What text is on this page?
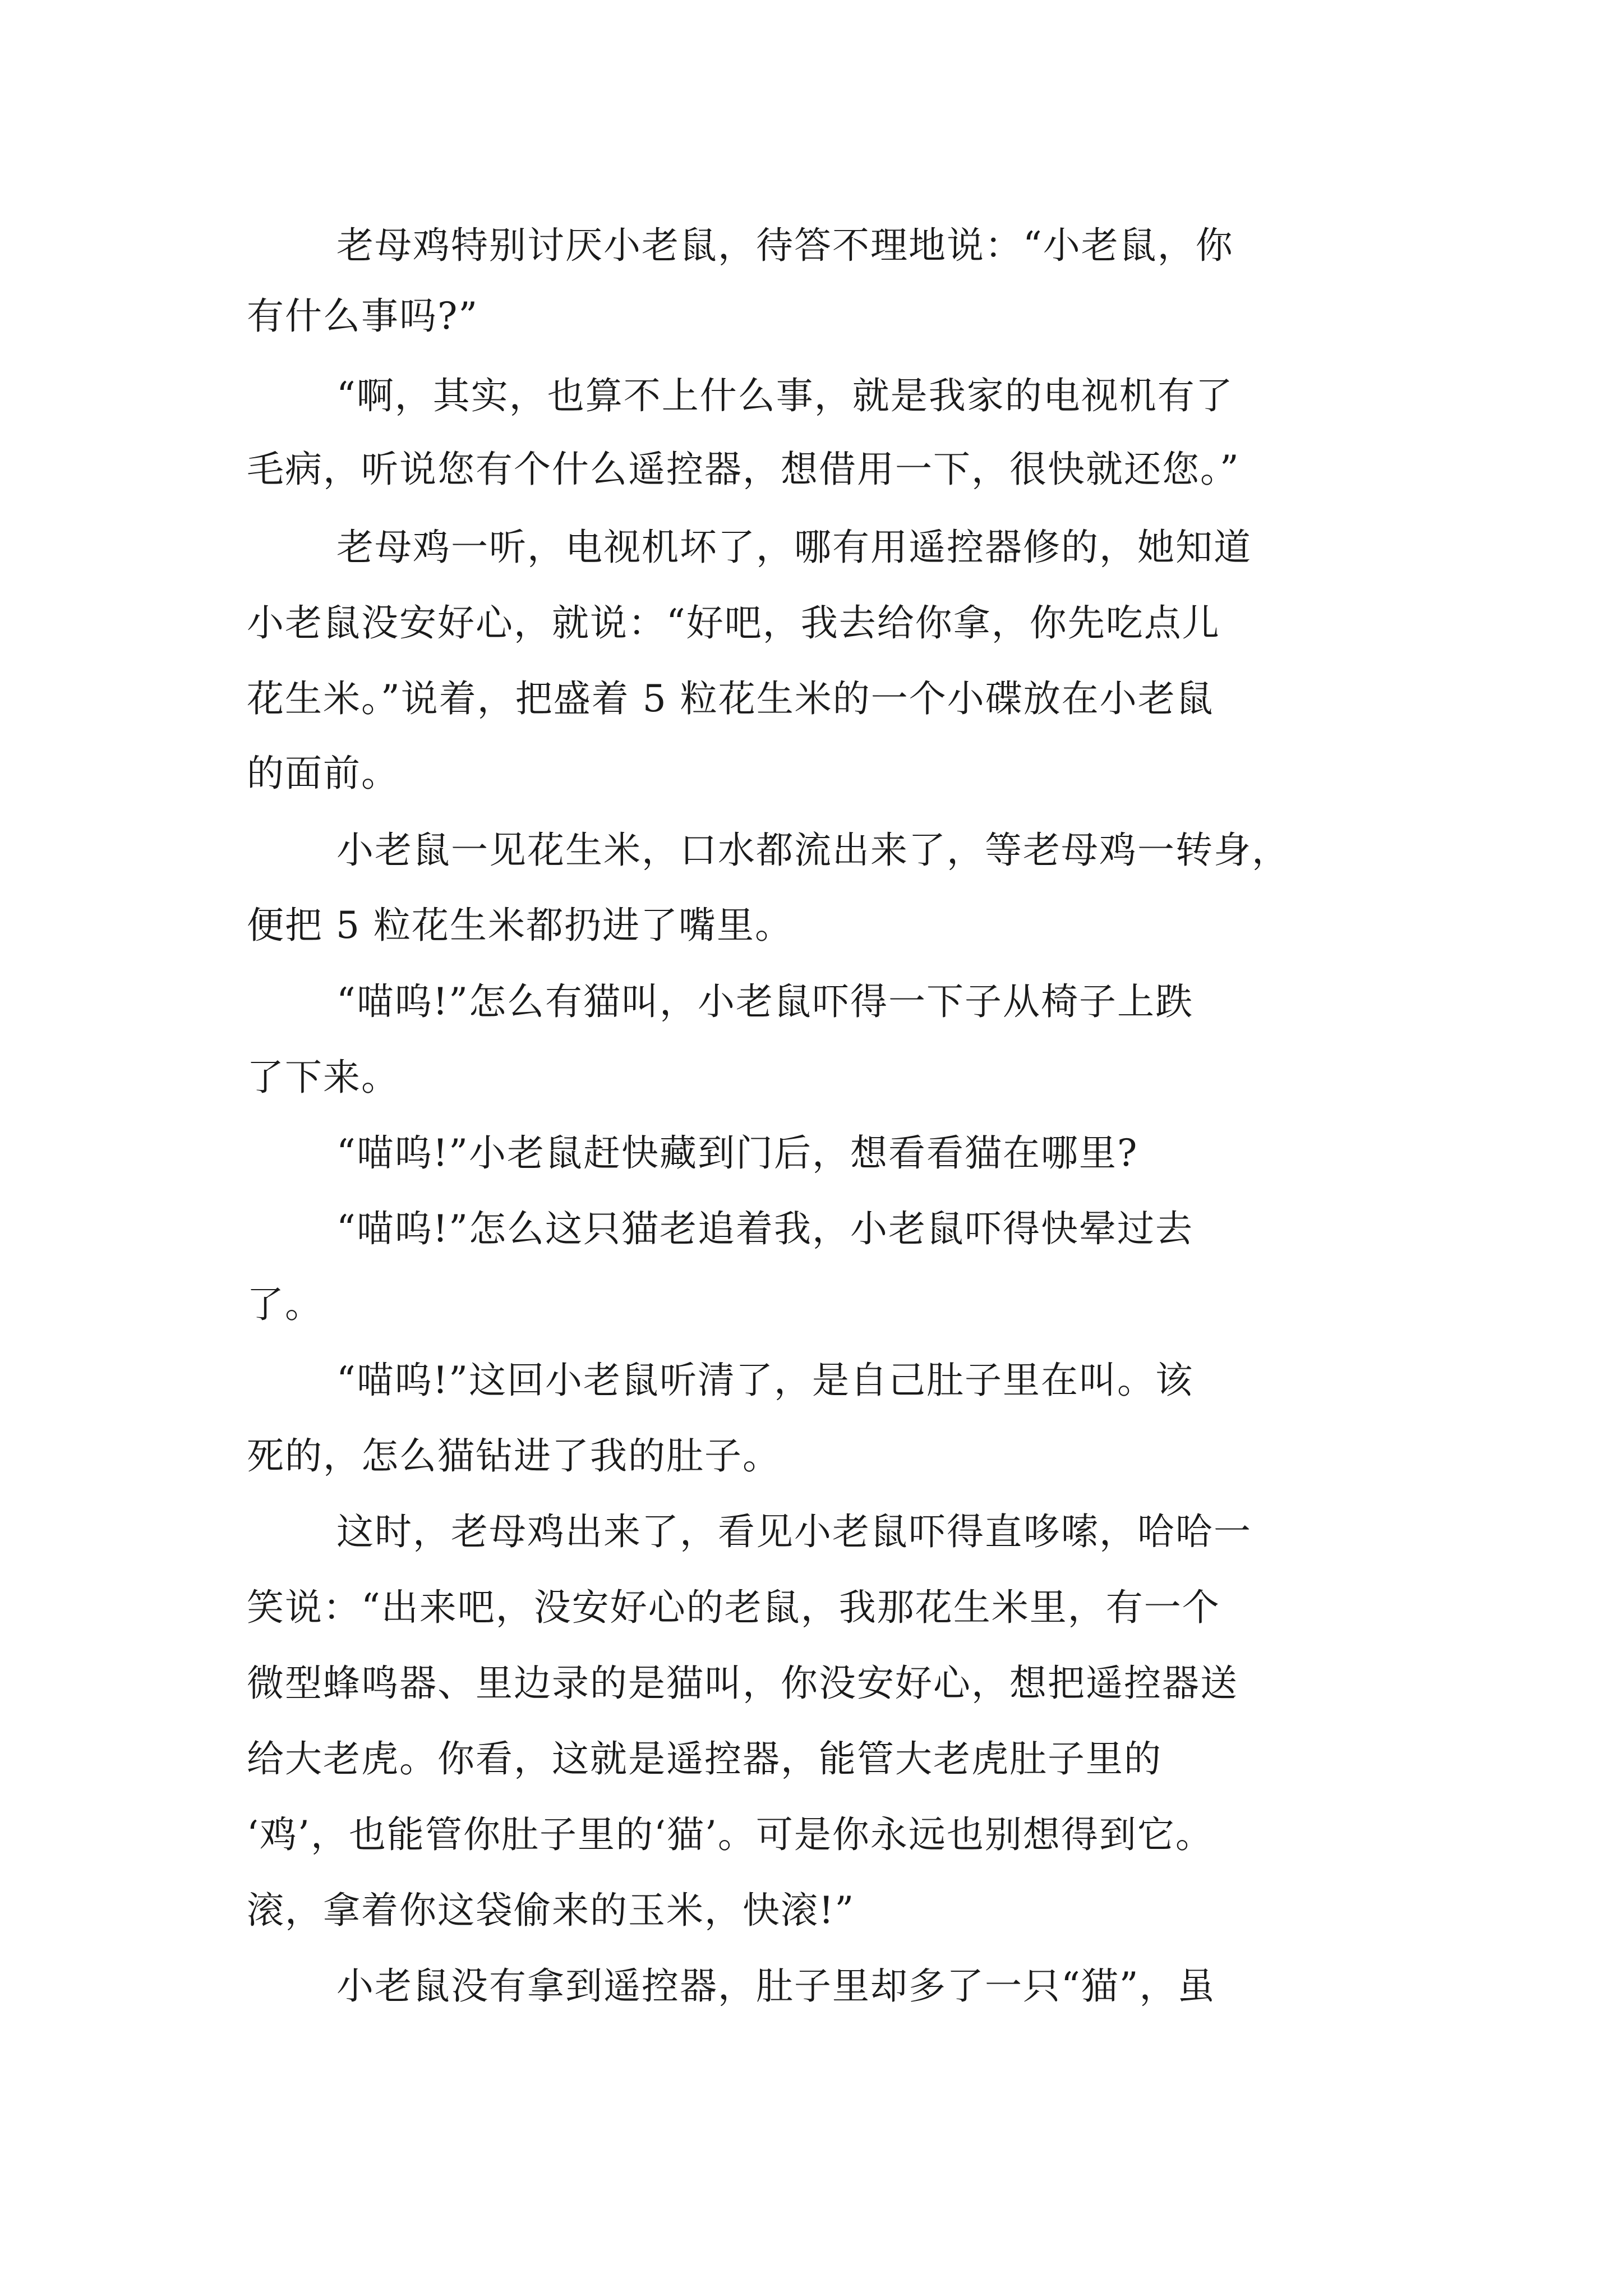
老母鸡特别讨厌小老鼠，待答不理地说：“小老鼠，你
有什么事吗?”
“啊，其实，也算不上什么事，就是我家的电视机有了
毛病，听说您有个什么遥控器，想借用一下，很快就还您。”
老母鸡一听，电视机坏了，哪有用遥控器修的，她知道
小老鼠没安好心，就说：“好吧，我去给你拿，你先吃点儿
花生米。”说着，把盛着 5 粒花生米的一个小碟放在小老鼠
的面前。
小老鼠一见花生米，口水都流出来了，等老母鸡一转身，
便把 5 粒花生米都扔进了嘴里。
“喵呜!”怎么有猫叫，小老鼠吓得一下子从椅子上跌
了下来。
“喵呜!”小老鼠赶快藏到门后，想看看猫在哪里?
“喵呜!”怎么这只猫老追着我，小老鼠吓得快晕过去
了。
“喵呜!”这回小老鼠听清了，是自己肚子里在叫。该
死的，怎么猫钻进了我的肚子。
这时，老母鸡出来了，看见小老鼠吓得直哆嗦，哈哈一
笑说：“出来吧，没安好心的老鼠，我那花生米里，有一个
微型蜂鸣器、里边录的是猫叫，你没安好心，想把遥控器送
给大老虎。你看，这就是遥控器，能管大老虎肚子里的
‘鸡’，也能管你肚子里的‘猫’。可是你永远也别想得到它。
滚，拿着你这袋偷来的玉米，快滚!”
小老鼠没有拿到遥控器，肚子里却多了一只“猫”，虽
